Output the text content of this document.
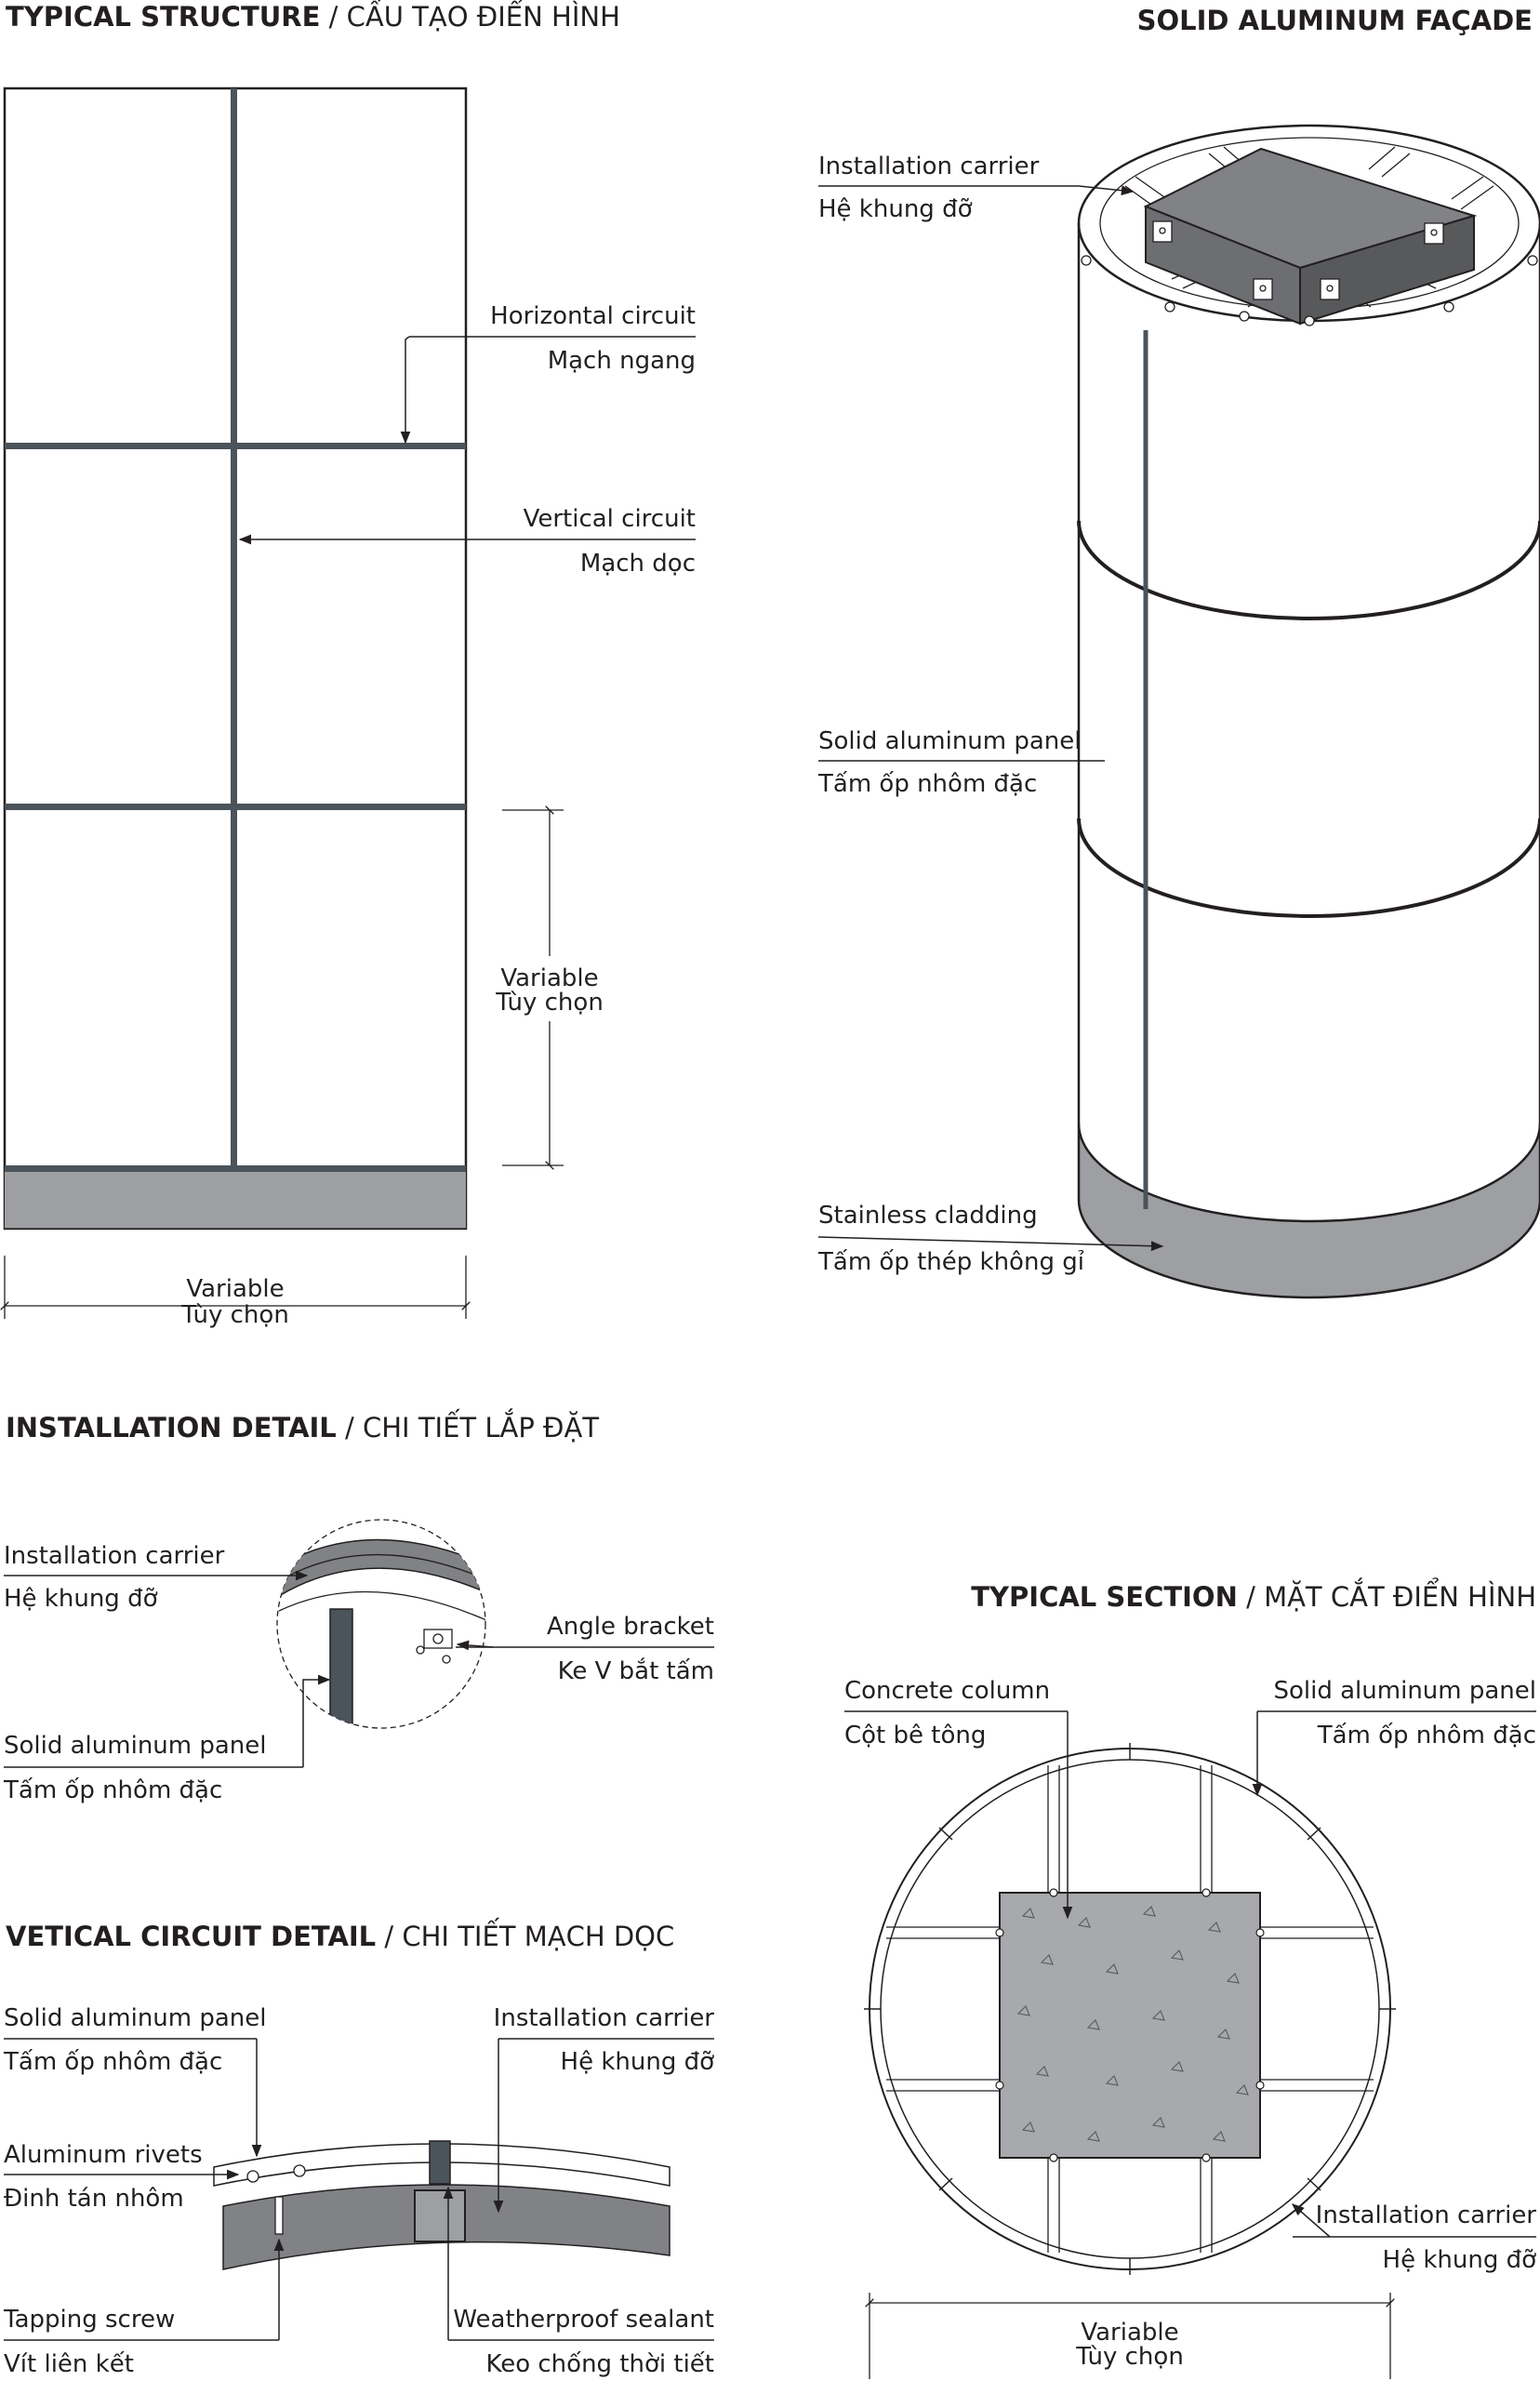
TYPICAL STRUCTURE / CẤU TẠO ĐIỂN HÌNH	SOLID ALUMINUM FAÇADE
Horizontal circuit
Mạch ngang
Vertical circuit
Mạch dọc
Variable
Tùy chọn
Variable
Tùy chọn
Installation carrier
Hệ khung đỡ
Solid aluminum panel
Tấm ốp nhôm đặc
Stainless cladding
Tấm ốp thép không gỉ
INSTALLATION DETAIL / CHI TIẾT LẮP ĐẶT
Installation carrier
Hệ khung đỡ
Angle bracket
Ke V bắt tấm
Solid aluminum panel
Tấm ốp nhôm đặc
VETICAL CIRCUIT DETAIL / CHI TIẾT MẠCH DỌC
Solid aluminum panel
Tấm ốp nhôm đặc
Installation carrier
Hệ khung đỡ
Aluminum rivets
Đinh tán nhôm
Tapping screw
Vít liên kết
Weatherproof sealant
Keo chống thời tiết
TYPICAL SECTION / MẶT CẮT ĐIỂN HÌNH
Concrete column
Cột bê tông
Solid aluminum panel
Tấm ốp nhôm đặc
Installation carrier
Hệ khung đỡ
Variable
Tùy chọn
